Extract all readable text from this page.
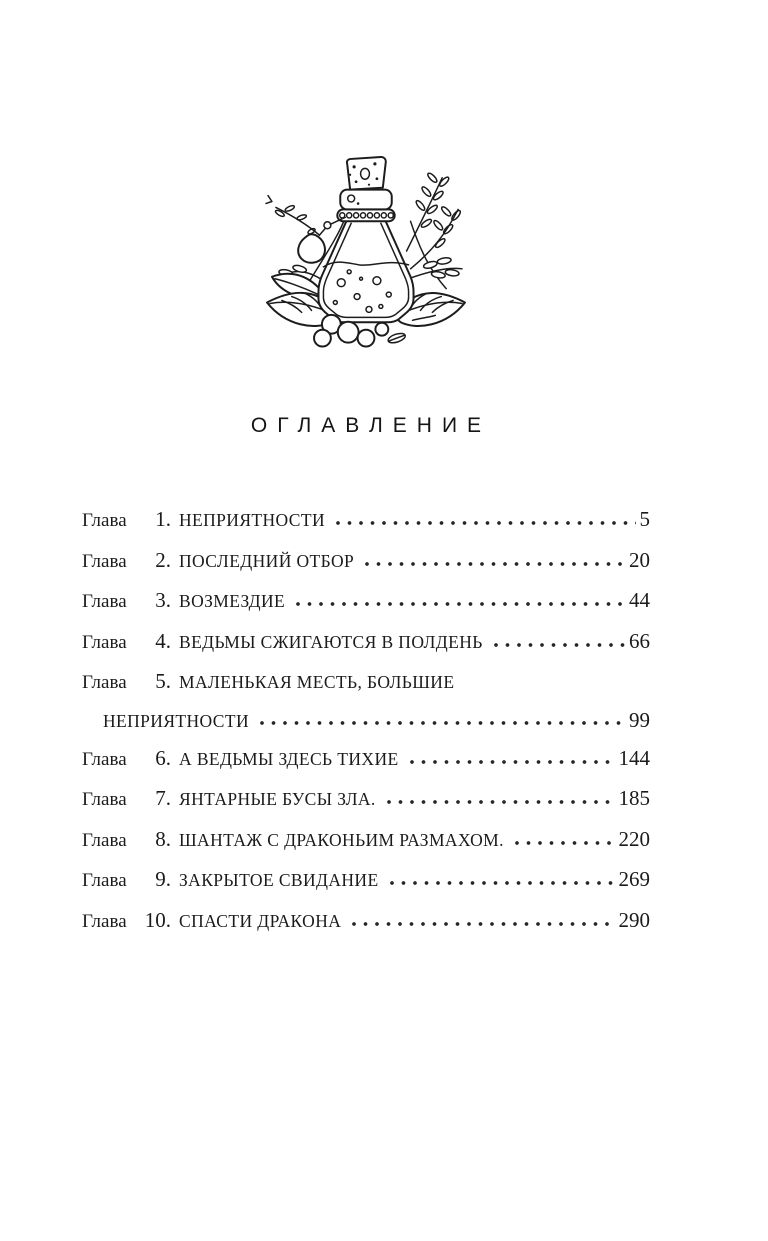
ОГЛАВЛЕНИЕ
Глава	1. НЕПРИЯТНОСТИ	5
Глава	2. ПОСЛЕДНИЙ ОТБОР	20
Глава	3. ВОЗМЕЗДИЕ	44
Глава	4. ВЕДЬМЫ СЖИГАЮТСЯ В ПОЛДЕНЬ	66
Глава	5. МАЛЕНЬКАЯ МЕСТЬ, БОЛЬШИЕ
НЕПРИЯТНОСТИ	99
Глава	6. А ВЕДЬМЫ ЗДЕСЬ ТИХИЕ	144
Глава	7. ЯНТАРНЫЕ БУСЫ ЗЛА.	185
Глава	8. ШАНТАЖ С ДРАКОНЬИМ РАЗМАХОМ.	220
Глава	9. ЗАКРЫТОЕ СВИДАНИЕ	269
Глава 10. СПАСТИ ДРАКОНА	290
